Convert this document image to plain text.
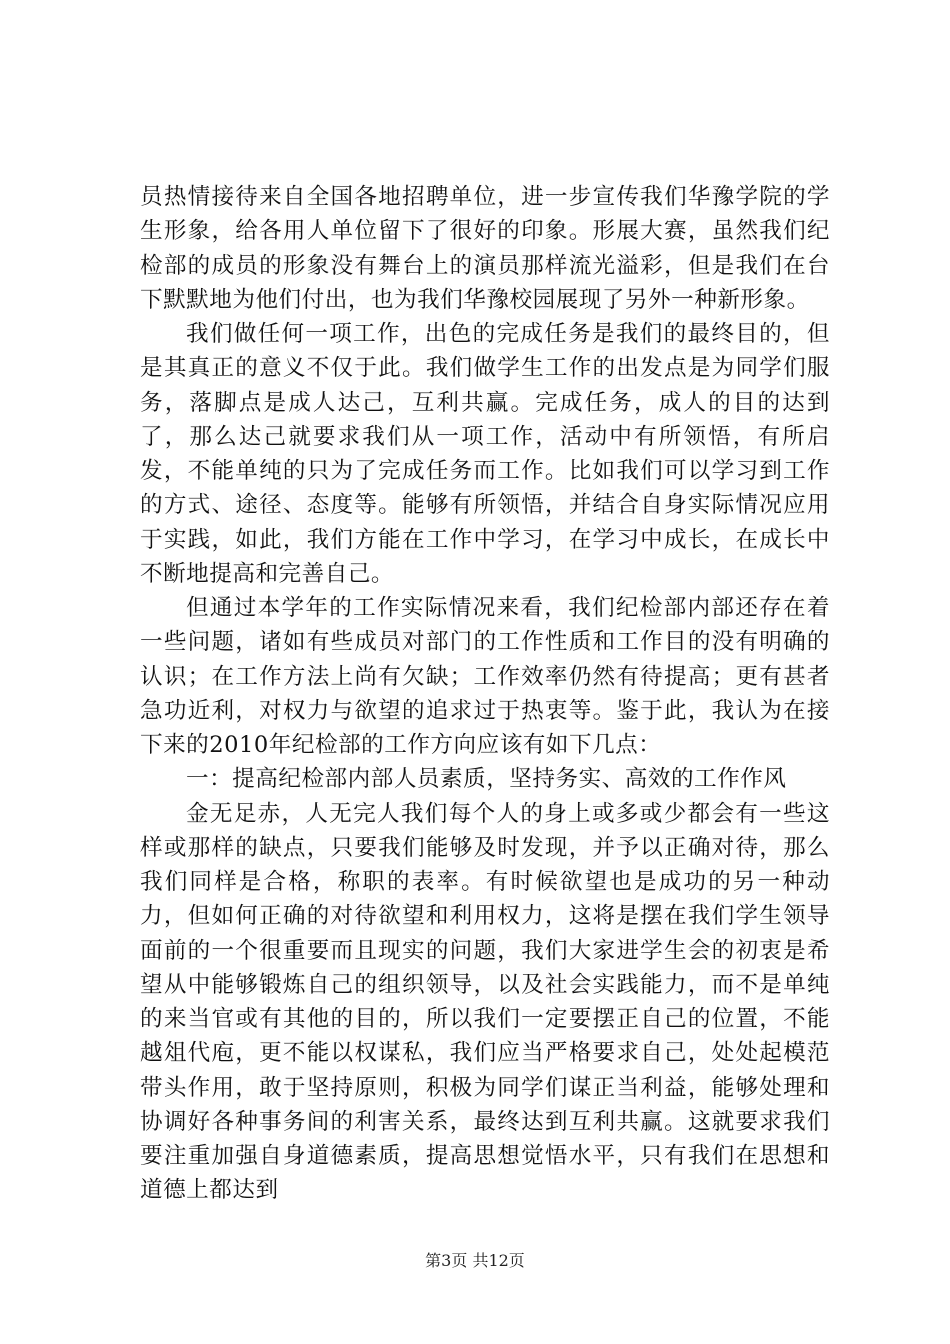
员热情接待来自全国各地招聘单位，进一步宣传我们华豫学院的学生形象，给各用人单位留下了很好的印象。形展大赛，虽然我们纪检部的成员的形象没有舞台上的演员那样流光溢彩，但是我们在台下默默地为他们付出，也为我们华豫校园展现了另外一种新形象。

我们做任何一项工作，出色的完成任务是我们的最终目的，但是其真正的意义不仅于此。我们做学生工作的出发点是为同学们服务，落脚点是成人达己，互利共赢。完成任务，成人的目的达到了，那么达己就要求我们从一项工作，活动中有所领悟，有所启发，不能单纯的只为了完成任务而工作。比如我们可以学习到工作的方式、途径、态度等。能够有所领悟，并结合自身实际情况应用于实践，如此，我们方能在工作中学习，在学习中成长，在成长中不断地提高和完善自己。

但通过本学年的工作实际情况来看，我们纪检部内部还存在着一些问题，诸如有些成员对部门的工作性质和工作目的没有明确的认识；在工作方法上尚有欠缺；工作效率仍然有待提高；更有甚者急功近利，对权力与欲望的追求过于热衷等。鉴于此，我认为在接下来的2010年纪检部的工作方向应该有如下几点：

一：提高纪检部内部人员素质，坚持务实、高效的工作作风

金无足赤，人无完人我们每个人的身上或多或少都会有一些这样或那样的缺点，只要我们能够及时发现，并予以正确对待，那么我们同样是合格，称职的表率。有时候欲望也是成功的另一种动力，但如何正确的对待欲望和利用权力，这将是摆在我们学生领导面前的一个很重要而且现实的问题，我们大家进学生会的初衷是希望从中能够锻炼自己的组织领导，以及社会实践能力，而不是单纯的来当官或有其他的目的，所以我们一定要摆正自己的位置，不能越俎代庖，更不能以权谋私，我们应当严格要求自己，处处起模范带头作用，敢于坚持原则，积极为同学们谋正当利益，能够处理和协调好各种事务间的利害关系，最终达到互利共赢。这就要求我们要注重加强自身道德素质，提高思想觉悟水平，只有我们在思想和道德上都达到

第3页 共12页
